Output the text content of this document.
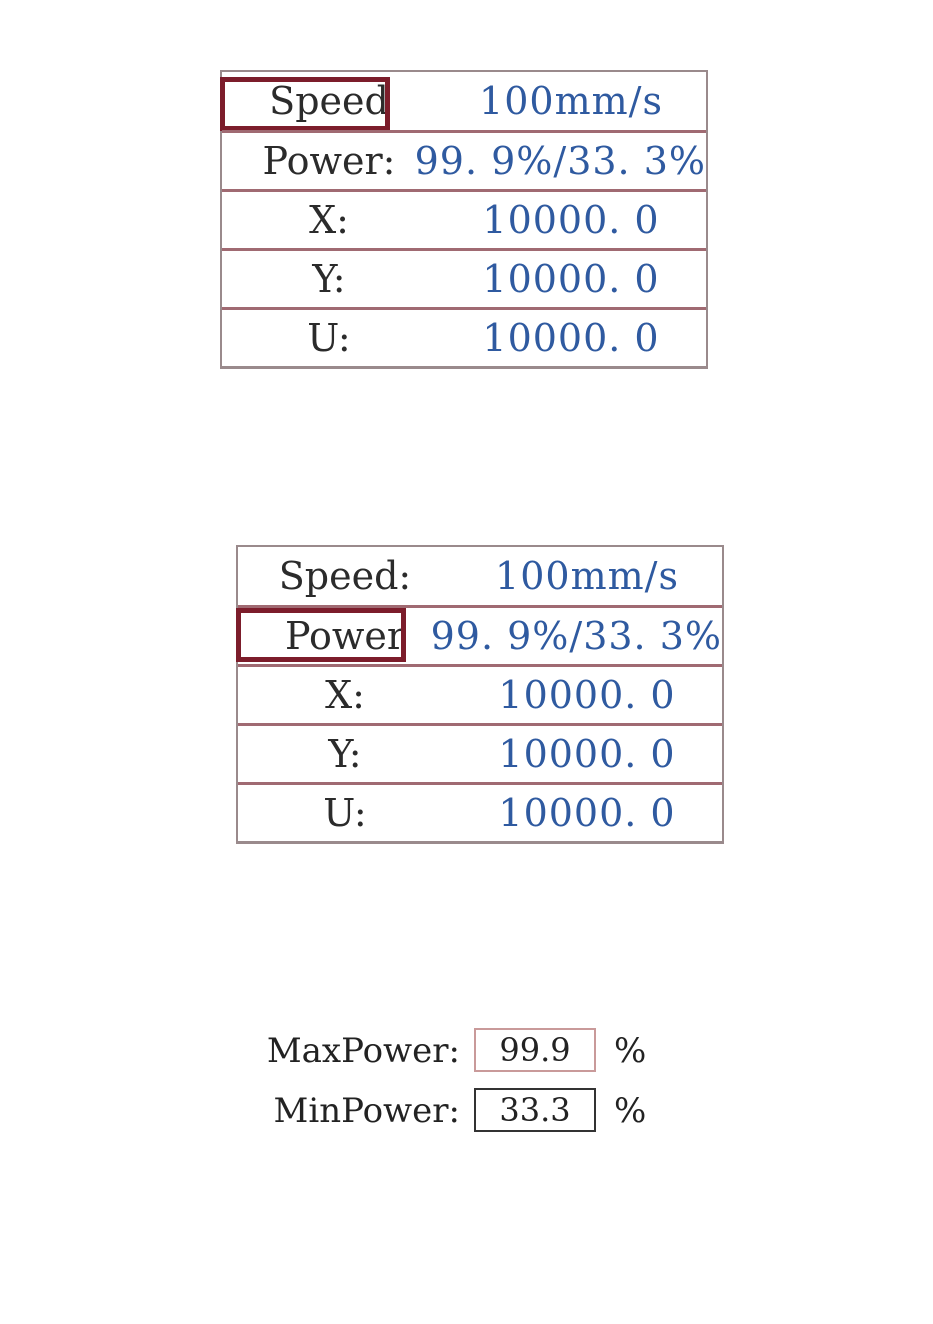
Speed	100mm/s
Power: 99. 9%/33. 3%
X:	10000. 0
Y:	10000. 0
U:	10000. 0
Speed:	100mm/s
Power 99. 9%/33. 3%
X:	10000. 0
Y:	10000. 0
U:	10000. 0
MaxPower:
99.9	%
MinPower:
33.3	%
